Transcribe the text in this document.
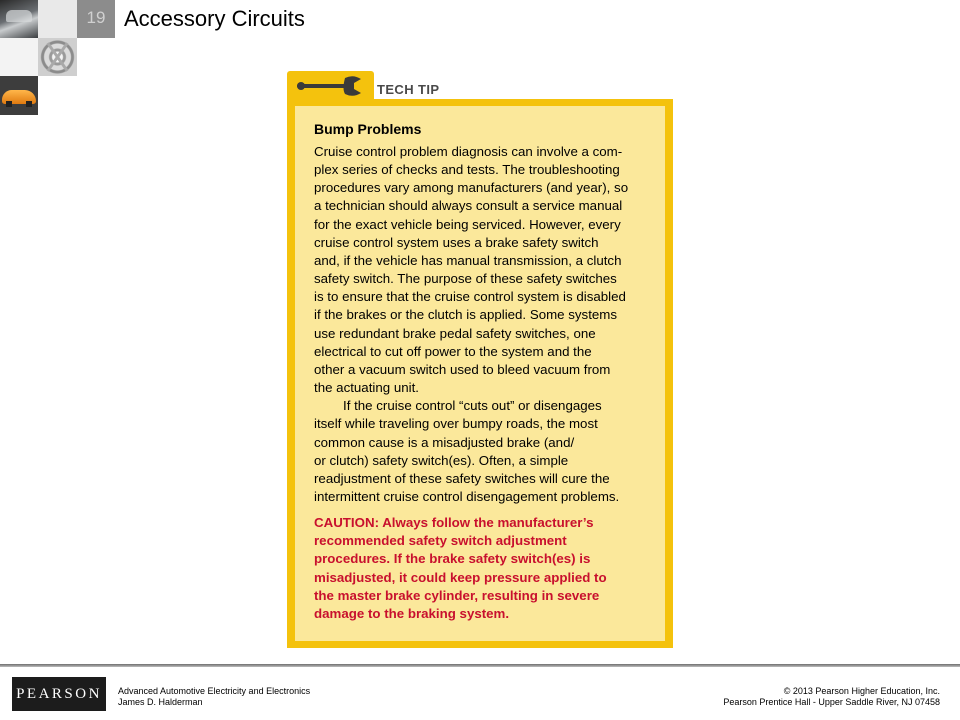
19 Accessory Circuits
TECH TIP

Bump Problems

Cruise control problem diagnosis can involve a com-

plex series of checks and tests. The troubleshooting

procedures vary among manufacturers (and year), so

a technician should always consult a service manual

for the exact vehicle being serviced. However, every

cruise control system uses a brake safety switch

and, if the vehicle has manual transmission, a clutch

safety switch. The purpose of these safety switches

is to ensure that the cruise control system is disabled

if the brakes or the clutch is applied. Some systems

use redundant brake pedal safety switches, one

electrical to cut off power to the system and the

other a vacuum switch used to bleed vacuum from

the actuating unit.

If the cruise control “cuts out” or disengages

itself while traveling over bumpy roads, the most

common cause is a misadjusted brake (and/

or clutch) safety switch(es). Often, a simple

readjustment of these safety switches will cure the

intermittent cruise control disengagement problems.

CAUTION: Always follow the manufacturer’s

recommended safety switch adjustment

procedures. If the brake safety switch(es) is

misadjusted, it could keep pressure applied to

the master brake cylinder, resulting in severe

damage to the braking system.

PEARSON Advanced Automotive Electricity and Electronics
James D. Halderman
© 2013 Pearson Higher Education, Inc.
Pearson Prentice Hall - Upper Saddle River, NJ 07458
